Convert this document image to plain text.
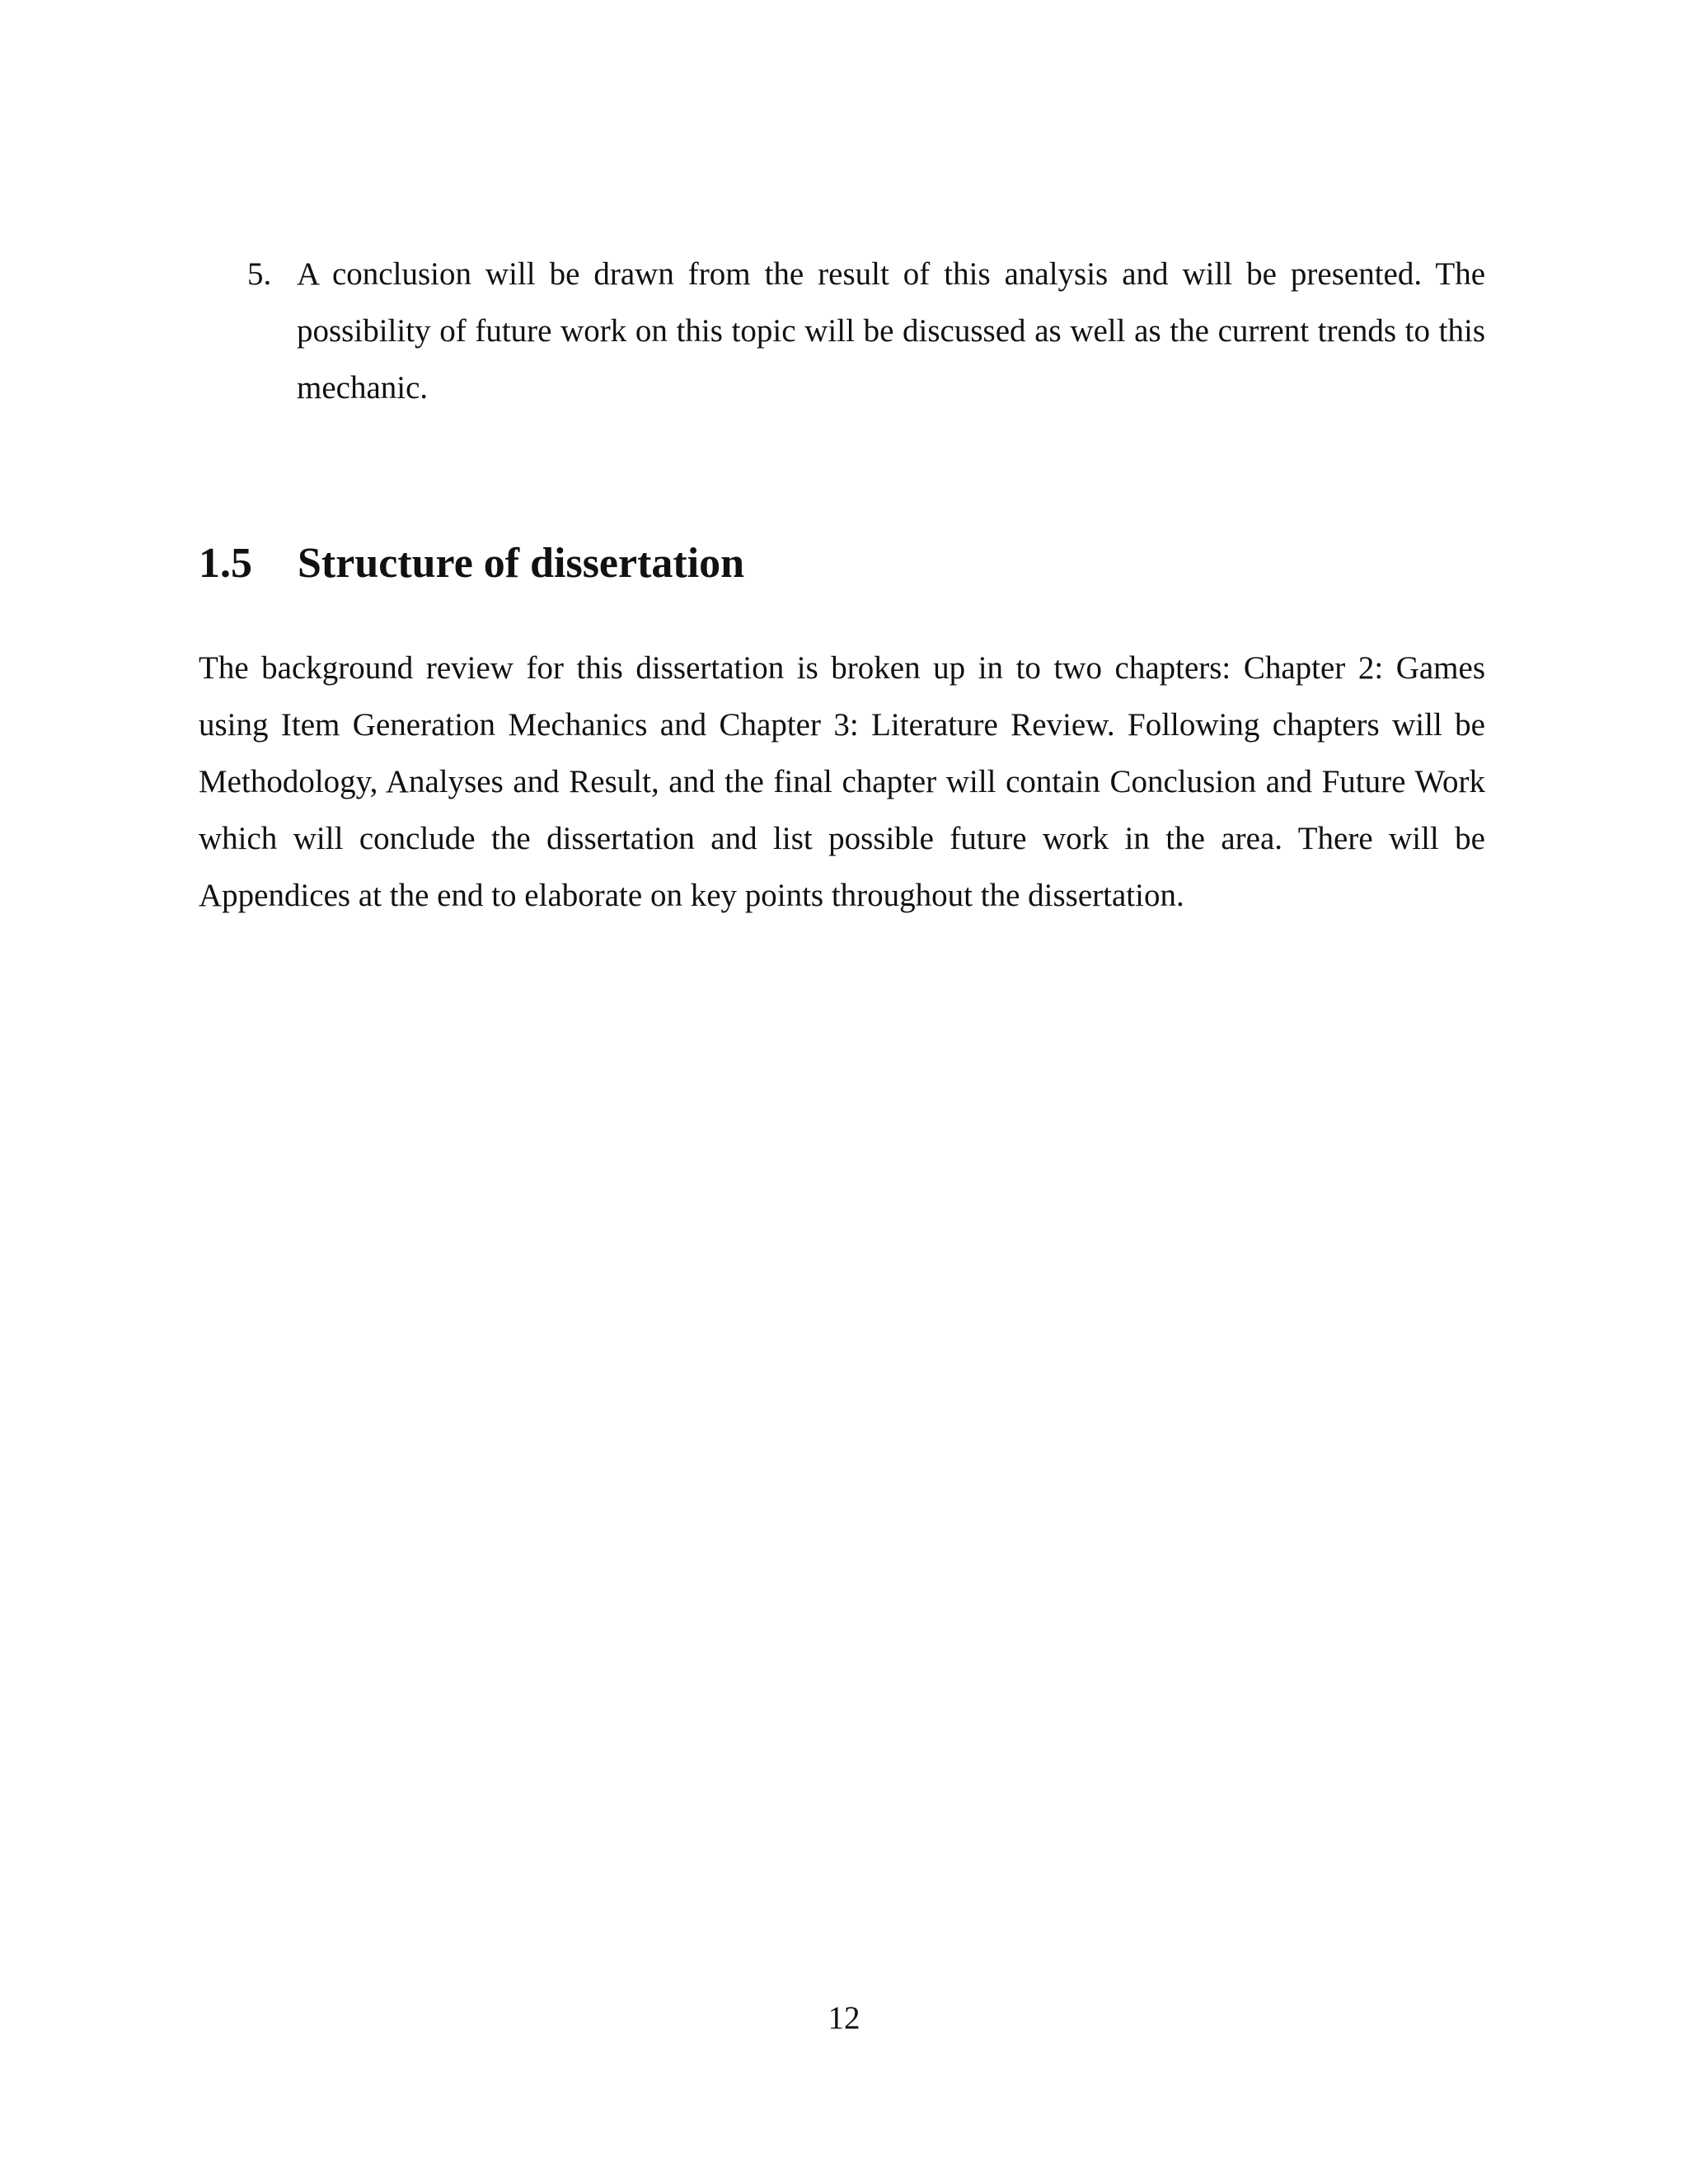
5. A conclusion will be drawn from the result of this analysis and will be presented. The possibility of future work on this topic will be discussed as well as the current trends to this mechanic.
1.5 Structure of dissertation

The background review for this dissertation is broken up in to two chapters: Chapter 2: Games using Item Generation Mechanics and Chapter 3: Literature Review. Following chapters will be Methodology, Analyses and Result, and the final chapter will contain Conclusion and Future Work which will conclude the dissertation and list possible future work in the area. There will be Appendices at the end to elaborate on key points throughout the dissertation.

12
